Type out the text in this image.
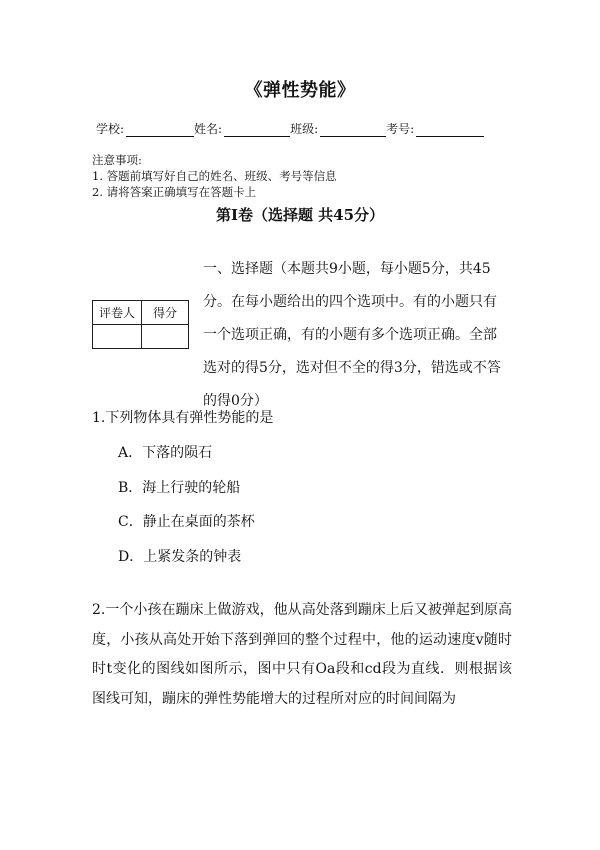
《弹性势能》
学校:	姓名:	班级:	考号:
注意事项:
1. 答题前填写好自己的姓名、班级、考号等信息
2. 请将答案正确填写在答题卡上
第I卷（选择题 共45分）
评卷人	得分

一、选择题（本题共9小题，每小题5分，共45分。在每小题给出的四个选项中。有的小题只有一个选项正确，有的小题有多个选项正确。全部选对的得5分，选对但不全的得3分，错选或不答的得0分）
1.下列物体具有弹性势能的是
A．下落的陨石
B．海上行驶的轮船
C．静止在桌面的茶杯
D．上紧发条的钟表
2.一个小孩在蹦床上做游戏，他从高处落到蹦床上后又被弹起到原高度，小孩从高处开始下落到弹回的整个过程中，他的运动速度v随时时t变化的图线如图所示，图中只有Oa段和cd段为直线．则根据该图线可知，蹦床的弹性势能增大的过程所对应的时间间隔为
